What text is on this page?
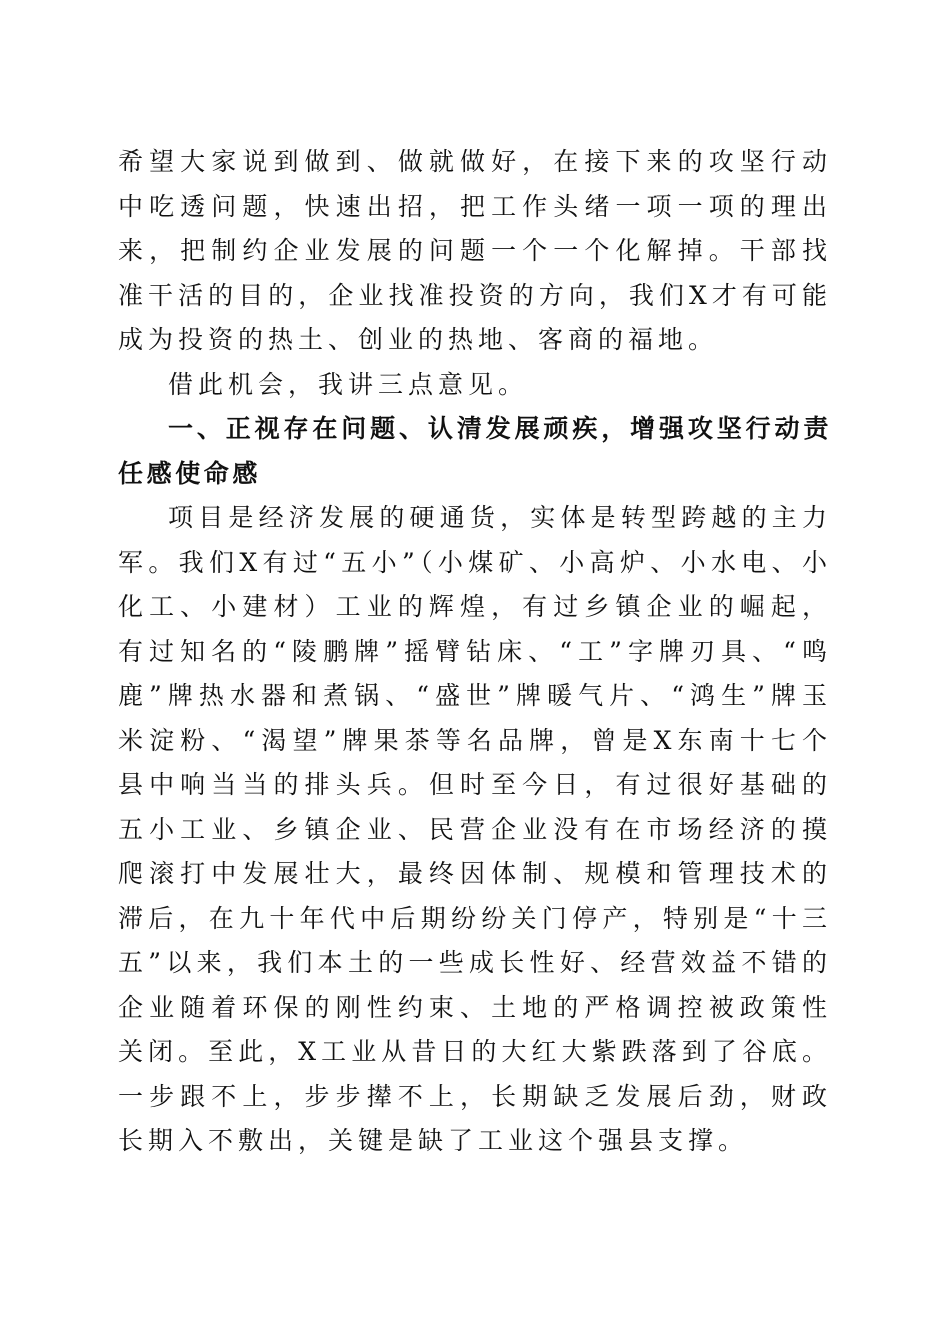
希望大家说到做到、做就做好，在接下来的攻坚行动中吃透问题，快速出招，把工作头绪一项一项的理出来，把制约企业发展的问题一个一个化解掉。干部找准干活的目的，企业找准投资的方向，我们X才有可能成为投资的热土、创业的热地、客商的福地。

借此机会，我讲三点意见。

一、正视存在问题、认清发展顽疾，增强攻坚行动责任感使命感

项目是经济发展的硬通货，实体是转型跨越的主力军。我们X有过“五小”（小煤矿、小高炉、小水电、小化工、小建材）工业的辉煌，有过乡镇企业的崛起，有过知名的“陵鹏牌”摇臂钻床、“工”字牌刃具、“鸣鹿”牌热水器和煮锅、“盛世”牌暖气片、“鸿生”牌玉米淀粉、“渴望”牌果茶等名品牌，曾是X东南十七个县中响当当的排头兵。但时至今日，有过很好基础的五小工业、乡镇企业、民营企业没有在市场经济的摸爬滚打中发展壮大，最终因体制、规模和管理技术的滞后，在九十年代中后期纷纷关门停产，特别是“十三五”以来，我们本土的一些成长性好、经营效益不错的企业随着环保的刚性约束、土地的严格调控被政策性关闭。至此，X工业从昔日的大红大紫跌落到了谷底。一步跟不上，步步撵不上，长期缺乏发展后劲，财政长期入不敷出，关键是缺了工业这个强县支撑。
